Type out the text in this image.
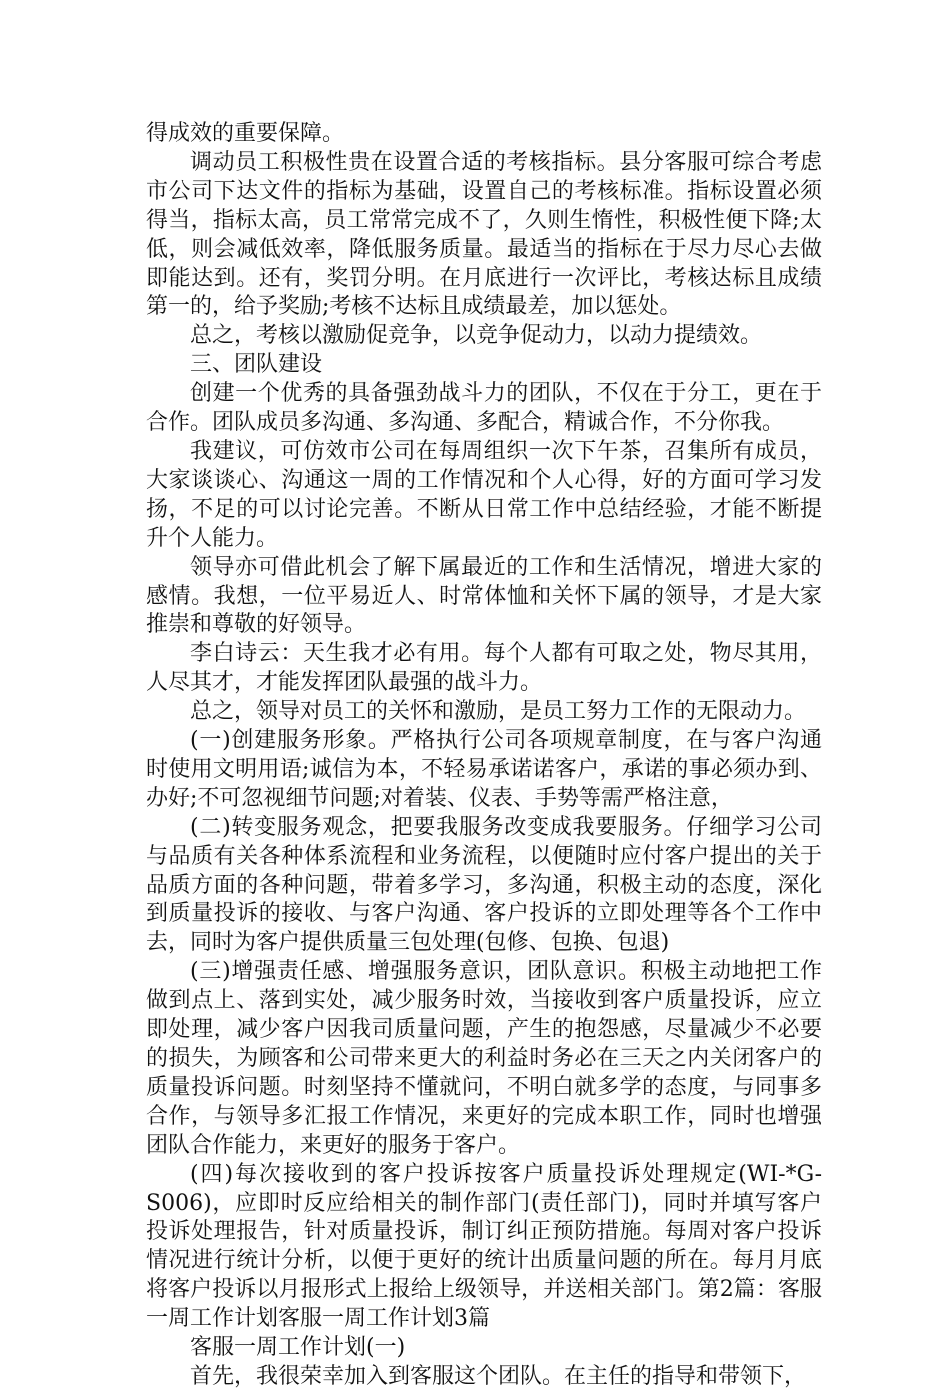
得成效的重要保障。

调动员工积极性贵在设置合适的考核指标。县分客服可综合考虑市公司下达文件的指标为基础，设置自己的考核标准。指标设置必须得当，指标太高，员工常常完成不了，久则生惰性，积极性便下降;太低，则会减低效率，降低服务质量。最适当的指标在于尽力尽心去做即能达到。还有，奖罚分明。在月底进行一次评比，考核达标且成绩第一的，给予奖励;考核不达标且成绩最差，加以惩处。

总之，考核以激励促竞争，以竞争促动力，以动力提绩效。

三、团队建设

创建一个优秀的具备强劲战斗力的团队，不仅在于分工，更在于合作。团队成员多沟通、多沟通、多配合，精诚合作，不分你我。

我建议，可仿效市公司在每周组织一次下午茶，召集所有成员，大家谈谈心、沟通这一周的工作情况和个人心得，好的方面可学习发扬，不足的可以讨论完善。不断从日常工作中总结经验，才能不断提升个人能力。

领导亦可借此机会了解下属最近的工作和生活情况，增进大家的感情。我想，一位平易近人、时常体恤和关怀下属的领导，才是大家推崇和尊敬的好领导。

李白诗云：天生我才必有用。每个人都有可取之处，物尽其用，人尽其才，才能发挥团队最强的战斗力。

总之，领导对员工的关怀和激励，是员工努力工作的无限动力。

(一)创建服务形象。严格执行公司各项规章制度，在与客户沟通时使用文明用语;诚信为本，不轻易承诺诺客户，承诺的事必须办到、办好;不可忽视细节问题;对着装、仪表、手势等需严格注意，

(二)转变服务观念，把要我服务改变成我要服务。仔细学习公司与品质有关各种体系流程和业务流程，以便随时应付客户提出的关于品质方面的各种问题，带着多学习，多沟通，积极主动的态度，深化到质量投诉的接收、与客户沟通、客户投诉的立即处理等各个工作中去，同时为客户提供质量三包处理(包修、包换、包退)

(三)增强责任感、增强服务意识，团队意识。积极主动地把工作做到点上、落到实处，减少服务时效，当接收到客户质量投诉，应立即处理，减少客户因我司质量问题，产生的抱怨感，尽量减少不必要的损失，为顾客和公司带来更大的利益时务必在三天之内关闭客户的质量投诉问题。时刻坚持不懂就问，不明白就多学的态度，与同事多合作，与领导多汇报工作情况，来更好的完成本职工作，同时也增强团队合作能力，来更好的服务于客户。

(四)每次接收到的客户投诉按客户质量投诉处理规定(WI-*G-S006)，应即时反应给相关的制作部门(责任部门)，同时并填写客户投诉处理报告，针对质量投诉，制订纠正预防措施。每周对客户投诉情况进行统计分析，以便于更好的统计出质量问题的所在。每月月底将客户投诉以月报形式上报给上级领导，并送相关部门。第2篇：客服一周工作计划客服一周工作计划3篇

客服一周工作计划(一)

首先，我很荣幸加入到客服这个团队。在主任的指导和带领下，
